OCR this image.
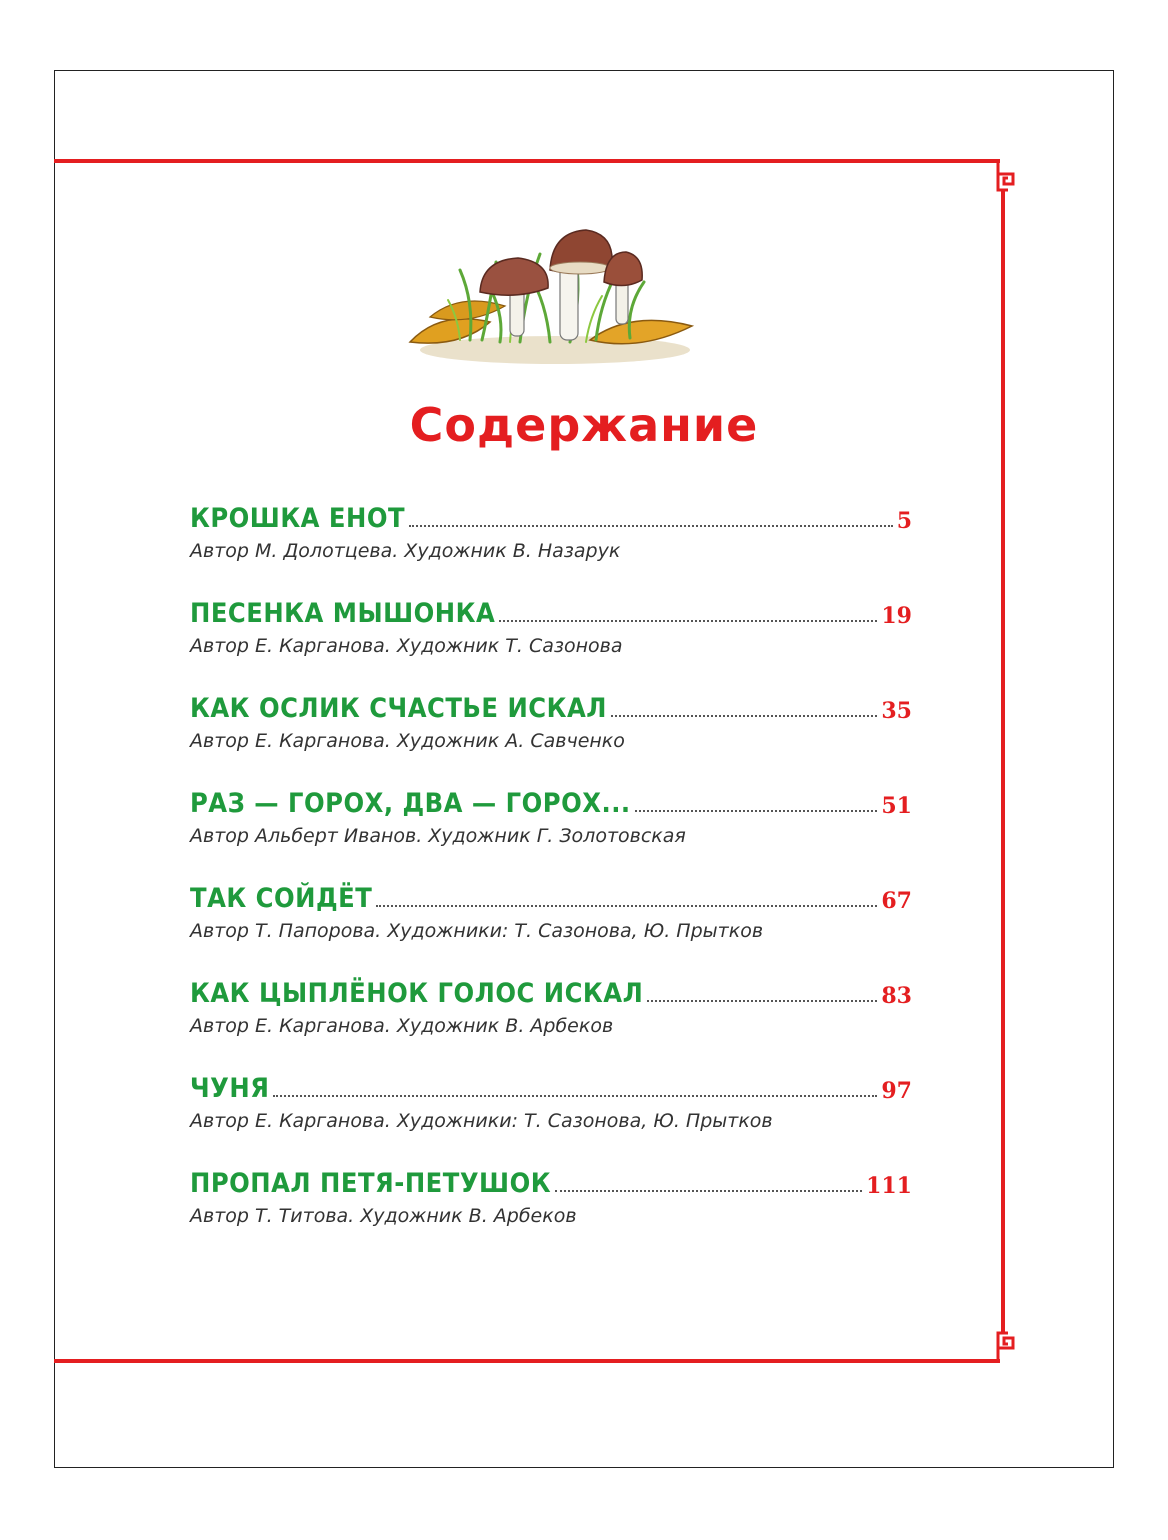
Содержание
КРОШКА ЕНОТ	5
Автор М. Долотцева. Художник В. Назарук
ПЕСЕНКА МЫШОНКА	19
Автор Е. Карганова. Художник Т. Сазонова
КАК ОСЛИК СЧАСТЬЕ ИСКАЛ	35
Автор Е. Карганова. Художник А. Савченко
РАЗ — ГОРОХ, ДВА — ГОРОХ...	51
Автор Альберт Иванов. Художник Г. Золотовская
ТАК СОЙДЁТ	67
Автор Т. Папорова. Художники: Т. Сазонова, Ю. Прытков
КАК ЦЫПЛЁНОК ГОЛОС ИСКАЛ	83
Автор Е. Карганова. Художник В. Арбеков
ЧУНЯ	97
Автор Е. Карганова. Художники: Т. Сазонова, Ю. Прытков
ПРОПАЛ ПЕТЯ-ПЕТУШОК	111
Автор Т. Титова. Художник В. Арбеков
